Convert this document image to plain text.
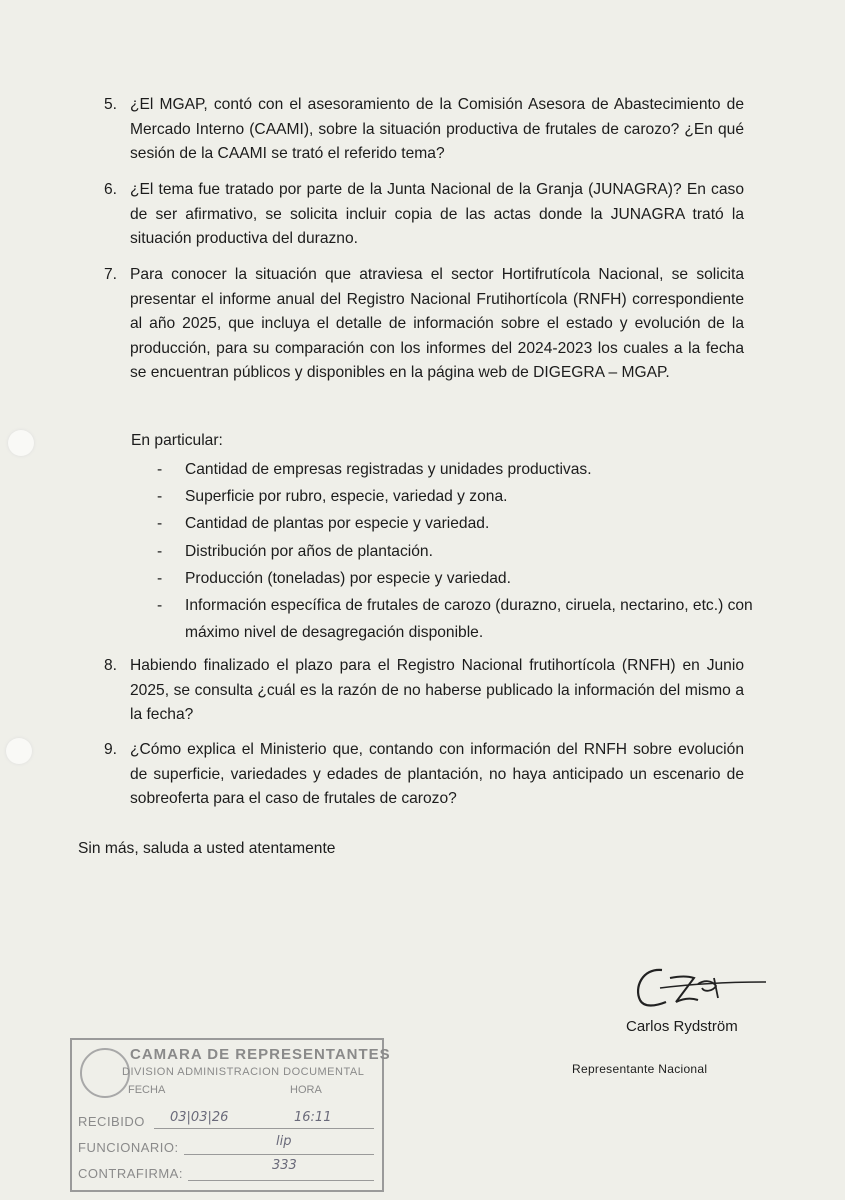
5. ¿El MGAP, contó con el asesoramiento de la Comisión Asesora de Abastecimiento de Mercado Interno (CAAMI), sobre la situación productiva de frutales de carozo? ¿En qué sesión de la CAAMI se trató el referido tema?
6. ¿El tema fue tratado por parte de la Junta Nacional de la Granja (JUNAGRA)? En caso de ser afirmativo, se solicita incluir copia de las actas donde la JUNAGRA trató la situación productiva del durazno.
7. Para conocer la situación que atraviesa el sector Hortifrutícola Nacional, se solicita presentar el informe anual del Registro Nacional Frutihortícola (RNFH) correspondiente al año 2025, que incluya el detalle de información sobre el estado y evolución de la producción, para su comparación con los informes del 2024-2023 los cuales a la fecha se encuentran públicos y disponibles en la página web de DIGEGRA – MGAP.
En particular:
- Cantidad de empresas registradas y unidades productivas.
- Superficie por rubro, especie, variedad y zona.
- Cantidad de plantas por especie y variedad.
- Distribución por años de plantación.
- Producción (toneladas) por especie y variedad.
- Información específica de frutales de carozo (durazno, ciruela, nectarino, etc.) con máximo nivel de desagregación disponible.
8. Habiendo finalizado el plazo para el Registro Nacional frutihortícola (RNFH) en Junio 2025, se consulta ¿cuál es la razón de no haberse publicado la información del mismo a la fecha?
9. ¿Cómo explica el Ministerio que, contando con información del RNFH sobre evolución de superficie, variedades y edades de plantación, no haya anticipado un escenario de sobreoferta para el caso de frutales de carozo?
Sin más, saluda a usted atentamente
Carlos Rydström
Representante Nacional
CAMARA DE REPRESENTANTES
DIVISION ADMINISTRACION DOCUMENTAL
FECHA	HORA
RECIBIDO 03|03|26	16:11
FUNCIONARIO:	lip
CONTRAFIRMA:
333
